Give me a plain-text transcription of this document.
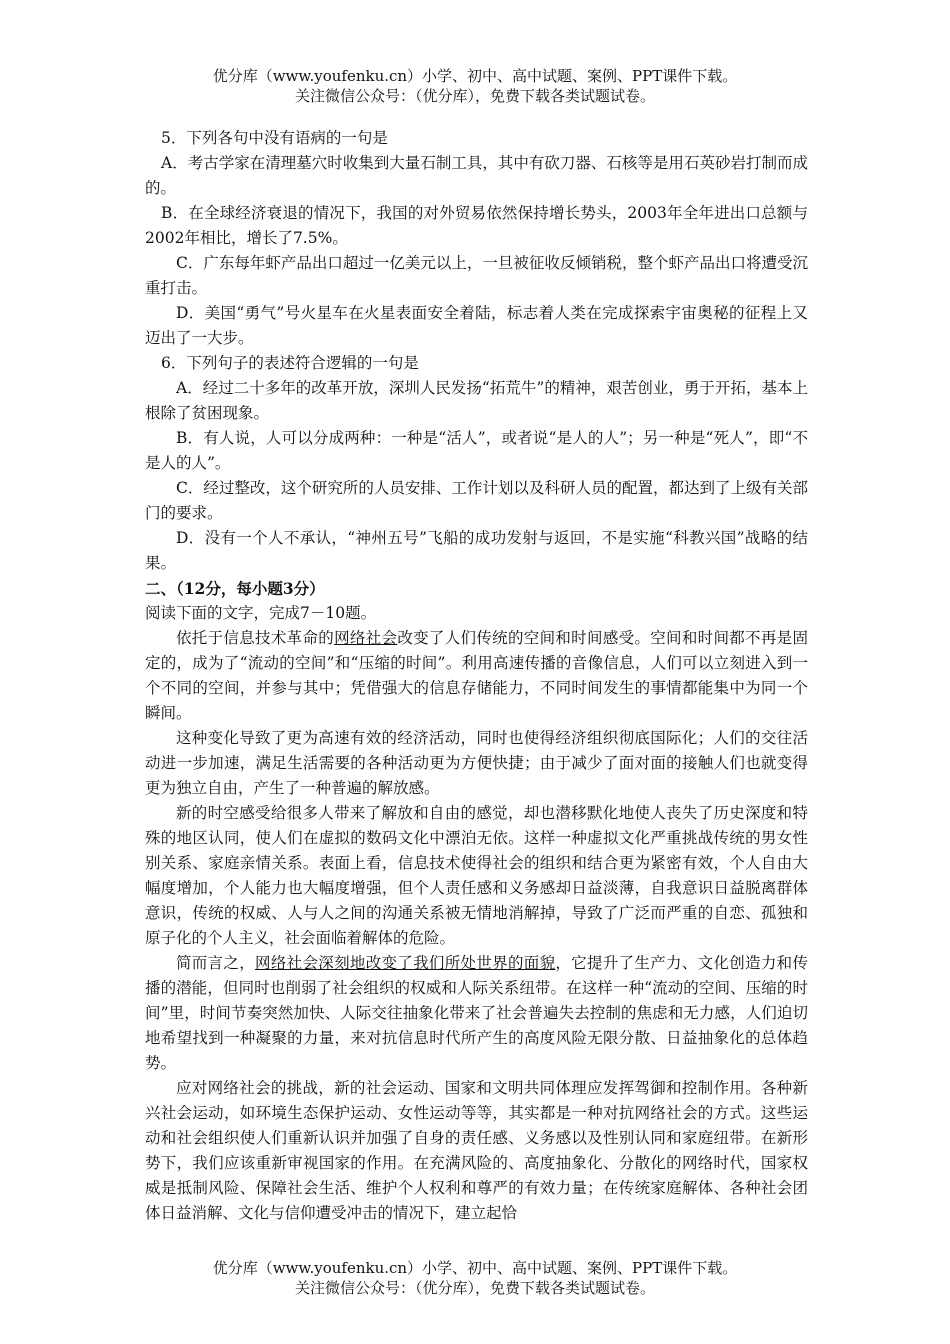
优分库（www.youfenku.cn）小学、初中、高中试题、案例、PPT课件下载。
关注微信公众号：（优分库），免费下载各类试题试卷。

5．下列各句中没有语病的一句是

A．考古学家在清理墓穴时收集到大量石制工具，其中有砍刀器、石核等是用石英砂岩打制而成的。

B．在全球经济衰退的情况下，我国的对外贸易依然保持增长势头，2003年全年进出口总额与2002年相比，增长了7.5%。

C．广东每年虾产品出口超过一亿美元以上，一旦被征收反倾销税，整个虾产品出口将遭受沉重打击。

D．美国“勇气”号火星车在火星表面安全着陆，标志着人类在完成探索宇宙奥秘的征程上又迈出了一大步。

6．下列句子的表述符合逻辑的一句是

A．经过二十多年的改革开放，深圳人民发扬“拓荒牛”的精神，艰苦创业，勇于开拓，基本上根除了贫困现象。

B．有人说，人可以分成两种：一种是“活人”，或者说“是人的人”；另一种是“死人”，即“不是人的人”。

C．经过整改，这个研究所的人员安排、工作计划以及科研人员的配置，都达到了上级有关部门的要求。

D．没有一个人不承认，“神州五号”飞船的成功发射与返回，不是实施“科教兴国”战略的结果。

二、（12分，每小题3分）

阅读下面的文字，完成7－10题。

依托于信息技术革命的网络社会改变了人们传统的空间和时间感受。空间和时间都不再是固定的，成为了“流动的空间”和“压缩的时间”。利用高速传播的音像信息，人们可以立刻进入到一个不同的空间，并参与其中；凭借强大的信息存储能力，不同时间发生的事情都能集中为同一个瞬间。

这种变化导致了更为高速有效的经济活动，同时也使得经济组织彻底国际化；人们的交往活动进一步加速，满足生活需要的各种活动更为方便快捷；由于减少了面对面的接触人们也就变得更为独立自由，产生了一种普遍的解放感。

新的时空感受给很多人带来了解放和自由的感觉，却也潜移默化地使人丧失了历史深度和特殊的地区认同，使人们在虚拟的数码文化中漂泊无依。这样一种虚拟文化严重挑战传统的男女性别关系、家庭亲情关系。表面上看，信息技术使得社会的组织和结合更为紧密有效，个人自由大幅度增加，个人能力也大幅度增强，但个人责任感和义务感却日益淡薄，自我意识日益脱离群体意识，传统的权威、人与人之间的沟通关系被无情地消解掉，导致了广泛而严重的自恋、孤独和原子化的个人主义，社会面临着解体的危险。

简而言之，网络社会深刻地改变了我们所处世界的面貌，它提升了生产力、文化创造力和传播的潜能，但同时也削弱了社会组织的权威和人际关系纽带。在这样一种“流动的空间、压缩的时间”里，时间节奏突然加快、人际交往抽象化带来了社会普遍失去控制的焦虑和无力感，人们迫切地希望找到一种凝聚的力量，来对抗信息时代所产生的高度风险无限分散、日益抽象化的总体趋势。

应对网络社会的挑战，新的社会运动、国家和文明共同体理应发挥驾御和控制作用。各种新兴社会运动，如环境生态保护运动、女性运动等等，其实都是一种对抗网络社会的方式。这些运动和社会组织使人们重新认识并加强了自身的责任感、义务感以及性别认同和家庭纽带。在新形势下，我们应该重新审视国家的作用。在充满风险的、高度抽象化、分散化的网络时代，国家权威是抵制风险、保障社会生活、维护个人权利和尊严的有效力量；在传统家庭解体、各种社会团体日益消解、文化与信仰遭受冲击的情况下，建立起恰

优分库（www.youfenku.cn）小学、初中、高中试题、案例、PPT课件下载。
关注微信公众号：（优分库），免费下载各类试题试卷。
